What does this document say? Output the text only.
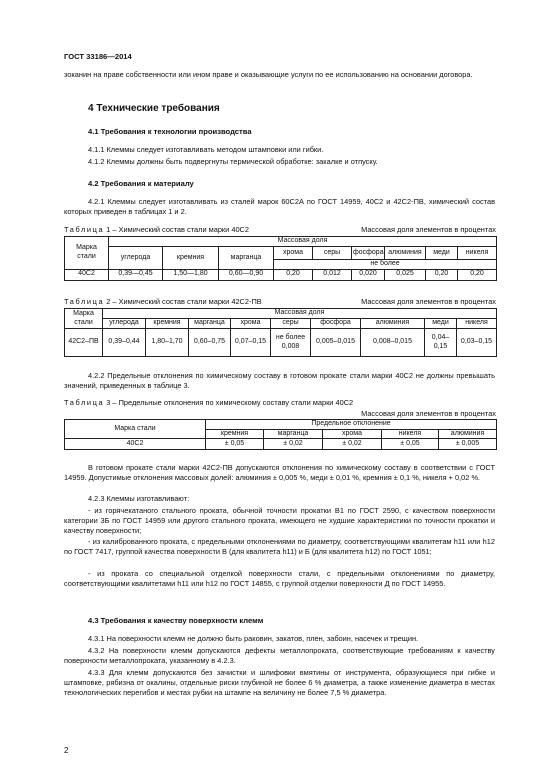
ГОСТ 33186—2014

зоканин на праве собственности или ином праве и оказывающие услуги по ее использованию на основании договора.

4 Технические требования
4.1 Требования к технологии производства

4.1.1 Клеммы следует изготавливать методом штамповки или гибки.

4.1.2 Клеммы должны быть подвергнуты термической обработке: закалке и отпуску.

4.2 Требования к материалу

4.2.1 Клеммы следует изготавливать из сталей марок 60С2А по ГОСТ 14959, 40С2 и 42С2-ПВ, химический состав которых приведен в таблицах 1 и 2.

Таблица 1 – Химический состав стали марки 40С2	Массовая доля элементов в процентах
Марка стали	Массовая доля								
	углерода	кремния	марганца	хрома	серы	фосфора	алюминия	меди	никеля
				не более					
40С2	0,39—0,45	1,50—1,80	0,60—0,90	0,20	0,012	0,020	0,025	0,20	0,20
Таблица 2 – Химический состав стали марки 42С2-ПВ	Массовая доля элементов в процентах
Марка стали	Массовая доля								
	углерода	кремния	марганца	хрома	серы	фосфора	алюминия	меди	никеля
42С2–ПВ	0,39–0,44	1,80–1,70	0,60–0,75	0,07–0,15	не более 0,008	0,005–0,015	0,008–0,015	0,04–0,15	0,03–0,15

4.2.2 Предельные отклонения по химическому составу в готовом прокате стали марки 40С2 не должны превышать значений, приведенных в таблице 3.

Таблица 3 – Предельные отклонения по химическому составу стали марки 40С2
Массовая доля элементов в процентах
Марка стали	Предельное отклонение				
	кремния	марганца	хрома	никеля	алюминия
40С2	± 0,05	± 0,02	± 0,02	± 0,05	± 0,005

В готовом прокате стали марки 42С2-ПВ допускаются отклонения по химическому составу в соответствии с ГОСТ 14959. Допустимые отклонения массовых долей: алюминия ± 0,005 %, меди ± 0,01 %, кремния ± 0,1 %, никеля + 0,02 %.

4.2.3 Клеммы изготавливают:

- из горячекатаного стального проката, обычной точности прокатки В1 по ГОСТ 2590, с качеством поверхности категории 3Б по ГОСТ 14959 или другого стального проката, имеющего не худшие характеристики по точности прокатки и качеству поверхности;

- из калиброванного проката, с предельными отклонениями по диаметру, соответствующими квалитетам h11 или h12 по ГОСТ 7417, группой качества поверхности В (для квалитета h11) и Б (для квалитета h12) по ГОСТ 1051;

- из проката со специальной отделкой поверхности стали, с предельными отклонениями по диаметру, соответствующими квалитетами h11 или h12 по ГОСТ 14855, с группой отделки поверхности Д по ГОСТ 14955.

4.3 Требования к качеству поверхности клемм

4.3.1 На поверхности клемм не должно быть раковин, закатов, плен, забоин, насечек и трещин.

4.3.2 На поверхности клемм допускаются дефекты металлопроката, соответствующие требованиям к качеству поверхности металлопроката, указанному в 4.2.3.

4.3.3 Для клемм допускаются без зачистки и шлифовки вмятины от инструмента, образующиеся при гибке и штамповке, рябизна от окалины, отдельные риски глубиной не более 6 % диаметра, а также изменение диаметра в местах технологических перегибов и местах рубки на штампе на величину не более 7,5 % диаметра.

2
